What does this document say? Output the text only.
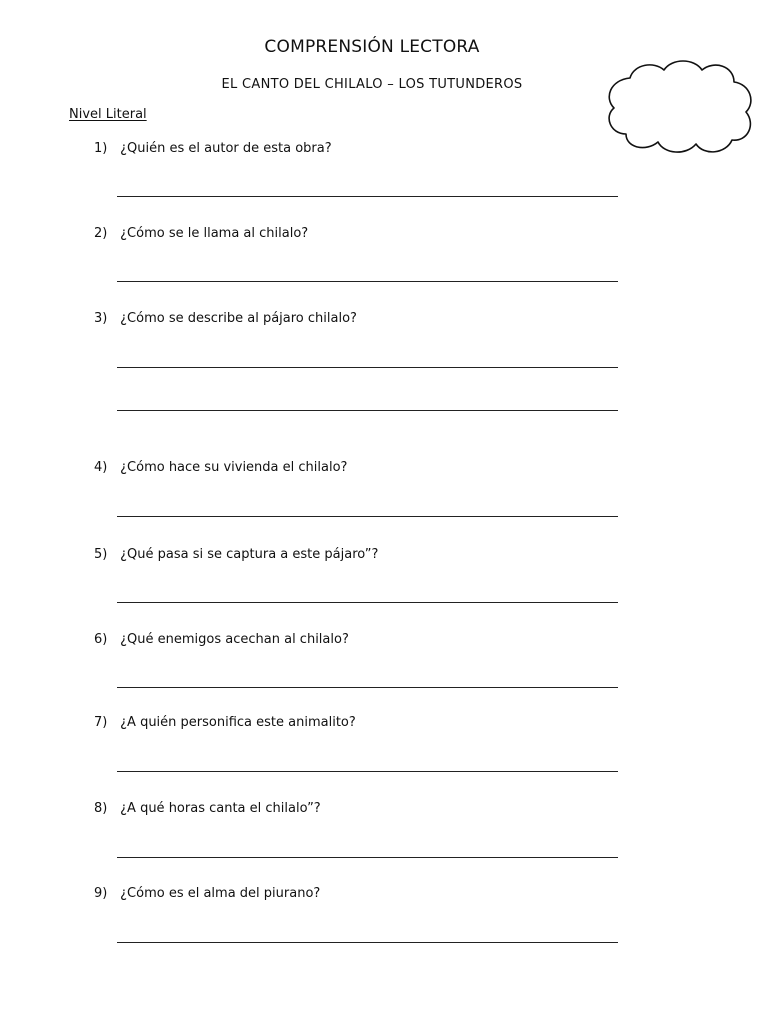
COMPRENSIÓN LECTORA
EL CANTO DEL CHILALO – LOS TUTUNDEROS
Nivel Literal
1) ¿Quién es el autor de esta obra?
2) ¿Cómo se le llama al chilalo?
3) ¿Cómo se describe al pájaro chilalo?
4) ¿Cómo hace su vivienda el chilalo?
5) ¿Qué pasa si se captura a este pájaro”?
6) ¿Qué enemigos acechan al chilalo?
7) ¿A quién personifica este animalito?
8) ¿A qué horas canta el chilalo”?
9) ¿Cómo es el alma del piurano?
